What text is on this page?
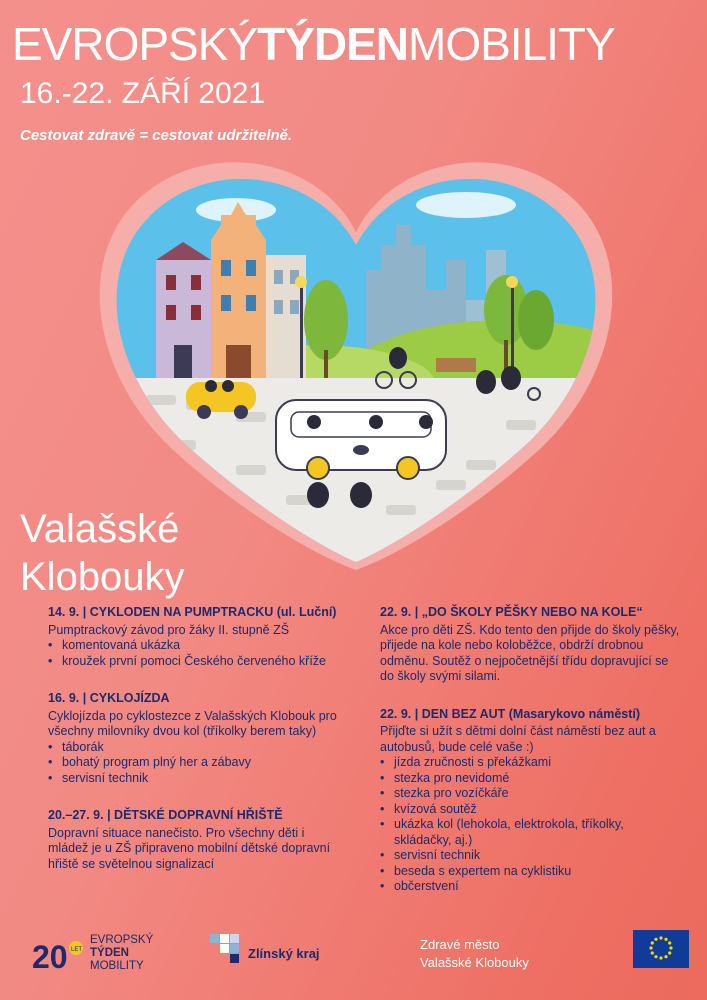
EVROPSKÝTÝDENMOBILITY
16.-22. ZÁŘÍ 2021
Cestovat zdravě = cestovat udržitelně.
Valašské
Klobouky
14. 9. | CYKLODEN NA PUMPTRACKU (ul. Luční)

Pumptrackový závod pro žáky II. stupně ZŠ

• komentovaná ukázka
• kroužek první pomoci Českého červeného kříže
16. 9. | CYKLOJÍZDA

Cyklojízda po cyklostezce z Valašských Klobouk pro všechny milovníky dvou kol (tříkolky berem taky)

• táborák
• bohatý program plný her a zábavy
• servisní technik
20.–27. 9. | DĚTSKÉ DOPRAVNÍ HŘIŠTĚ

Dopravní situace nanečisto. Pro všechny děti i mládež je u ZŠ připraveno mobilní dětské dopravní hřiště se světelnou signalizací

22. 9. | „DO ŠKOLY PĚŠKY NEBO NA KOLE“

Akce pro děti ZŠ. Kdo tento den přijde do školy pěšky, přijede na kole nebo koloběžce, obdrží drobnou odměnu. Soutěž o nejpočetnější třídu dopravující se do školy svými silami.

22. 9. | DEN BEZ AUT (Masarykovo náměstí)

Přijďte si užít s dětmi dolní část náměstí bez aut a autobusů, bude celé vaše :)

• jízda zručnosti s překážkami
• stezka pro nevidomé
• stezka pro vozíčkáře
• kvízová soutěž
• ukázka kol (lehokola, elektrokola, tříkolky, skládačky, aj.)
• servisní technik
• beseda s expertem na cyklistiku
• občerstvení
20 LET
EVROPSKÝ
TÝDEN
MOBILITY
Zlínský kraj
Zdravé město
Valašské Klobouky
